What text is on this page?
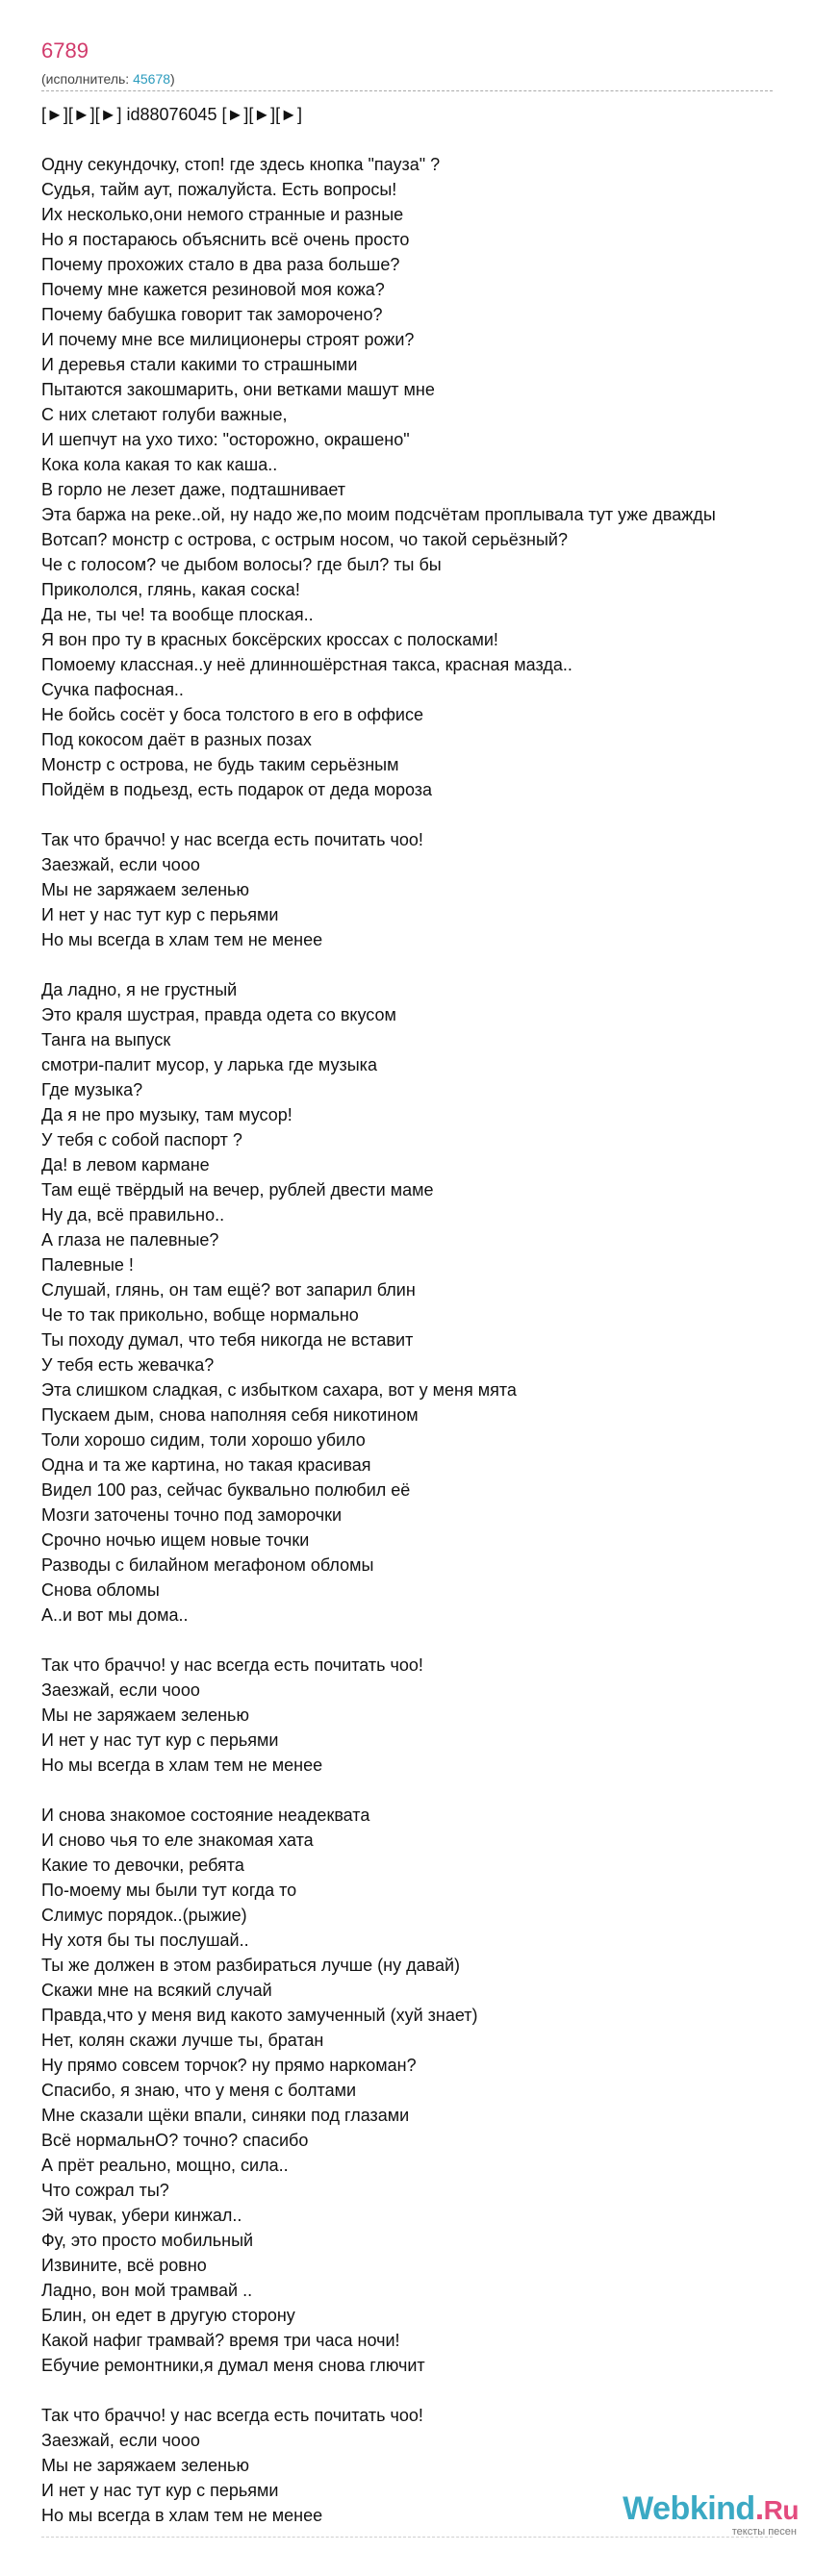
6789
(исполнитель: 45678)
[►][►][►] id88076045 [►][►][►]

Одну секундочку, стоп! где здесь кнопка "пауза" ?
Судья, тайм аут, пожалуйста. Есть вопросы!
Их несколько,они немого странные и разные
Но я постараюсь объяснить всё очень просто
Почему прохожих стало в два раза больше?
Почему мне кажется резиновой моя кожа?
Почему бабушка говорит так заморочено?
И почему мне все милиционеры строят рожи?
И деревья стали какими то страшными
Пытаются закошмарить, они ветками машут мне
С них слетают голуби важные,
И шепчут на ухо тихо: "осторожно, окрашено"
Кока кола какая то как каша..
В горло не лезет даже, подташнивает
Эта баржа на реке..ой, ну надо же,по моим подсчётам проплывала тут уже дважды
Вотсап? монстр с острова, с острым носом, чо такой серьёзный?
Че с голосом? че дыбом волосы? где был? ты бы
Прикололся, глянь, какая соска!
Да не, ты че! та вообще плоская..
Я вон про ту в красных боксёрских кроссах с полосками!
Помоему классная..у неё длинношёрстная такса, красная мазда..
Сучка пафосная..
Не бойсь сосёт у боса толстого в его в оффисе
Под кокосом даёт в разных позах
Монстр с острова, не будь таким серьёзным
Пойдём в подьезд, есть подарок от деда мороза

Так что браччо! у нас всегда есть почитать чоо!
Заезжай, если чооо
Мы не заряжаем зеленью
И нет у нас тут кур с перьями
Но мы всегда в хлам тем не менее

Да ладно, я не грустный
Это краля шустрая, правда одета со вкусом
Танга на выпуск
смотри-палит мусор, у ларька где музыка
Где музыка?
Да я не про музыку, там мусор!
У тебя с собой паспорт ?
Да! в левом кармане
Там ещё твёрдый на вечер, рублей двести маме
Ну да, всё правильно..
А глаза не палевные?
Палевные !
Слушай, глянь, он там ещё? вот запарил блин
Че то так прикольно, вобще нормально
Ты походу думал, что тебя никогда не вставит
У тебя есть жевачка?
Эта слишком сладкая, с избытком сахара, вот у меня мята
Пускаем дым, снова наполняя себя никотином
Толи хорошо сидим, толи хорошо убило
Одна и та же картина, но такая красивая
Видел 100 раз, сейчас буквально полюбил её
Мозги заточены точно под заморочки
Срочно ночью ищем новые точки
Разводы с билайном мегафоном обломы
Снова обломы
А..и вот мы дома..

Так что браччо! у нас всегда есть почитать чоо!
Заезжай, если чооо
Мы не заряжаем зеленью
И нет у нас тут кур с перьями
Но мы всегда в хлам тем не менее

И снова знакомое состояние неадеквата
И сново чья то еле знакомая хата
Какие то девочки, ребята
По-моему мы были тут когда то
Слимус порядок..(рыжие)
Ну хотя бы ты послушай..
Ты же должен в этом разбираться лучше (ну давай)
Скажи мне на всякий случай
Правда,что у меня вид какото замученный (хуй знает)
Нет, колян скажи лучше ты, братан
Ну прямо совсем торчок? ну прямо наркоман?
Спасибо, я знаю, что у меня с болтами
Мне сказали щёки впали, синяки под глазами
Всё нормальнО? точно? спасибо
А прёт реально, мощно, сила..
Что сожрал ты?
Эй чувак, убери кинжал..
Фу, это просто мобильный
Извините, всё ровно
Ладно, вон мой трамвай ..
Блин, он едет в другую сторону
Какой нафиг трамвай? время три часа ночи!
Ебучие ремонтники,я думал меня снова глючит

Так что браччо! у нас всегда есть почитать чоо!
Заезжай, если чооо
Мы не заряжаем зеленью
И нет у нас тут кур с перьями
Но мы всегда в хлам тем не менее	Webkind.Ru
тексты песен
